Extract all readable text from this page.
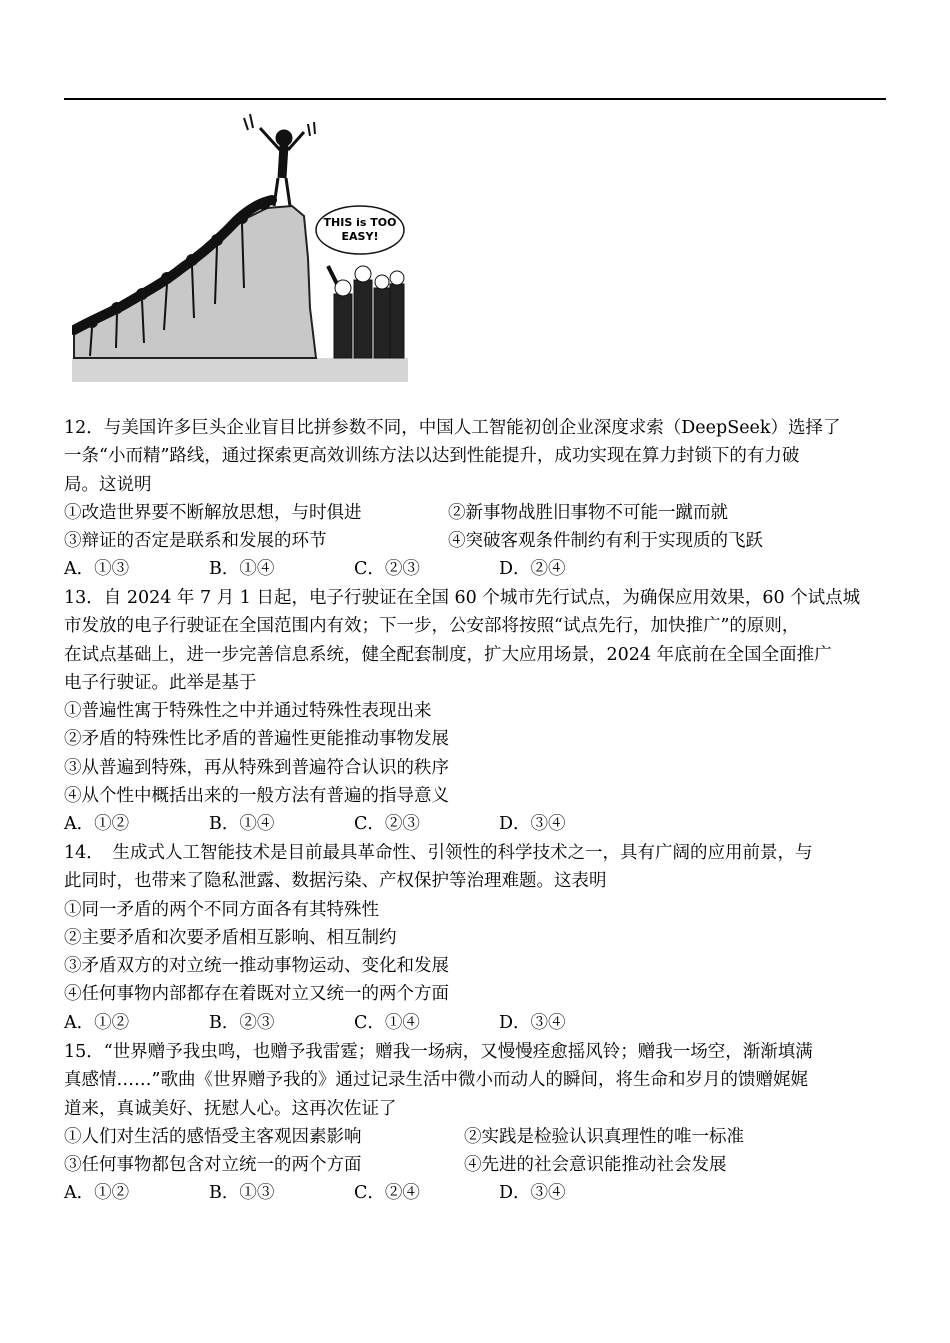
THIS is TOO
EASY!
12．与美国许多巨头企业盲目比拼参数不同，中国人工智能初创企业深度求索（DeepSeek）选择了
一条“小而精”路线，通过探索更高效训练方法以达到性能提升，成功实现在算力封锁下的有力破
局。这说明
①改造世界要不断解放思想，与时俱进	②新事物战胜旧事物不可能一蹴而就
③辩证的否定是联系和发展的环节	④突破客观条件制约有利于实现质的飞跃
A．①③	B．①④	C．②③	D．②④
13．自 2024 年 7 月 1 日起，电子行驶证在全国 60 个城市先行试点，为确保应用效果，60 个试点城
市发放的电子行驶证在全国范围内有效；下一步，公安部将按照“试点先行，加快推广”的原则，
在试点基础上，进一步完善信息系统，健全配套制度，扩大应用场景，2024 年底前在全国全面推广
电子行驶证。此举是基于
①普遍性寓于特殊性之中并通过特殊性表现出来
②矛盾的特殊性比矛盾的普遍性更能推动事物发展
③从普遍到特殊，再从特殊到普遍符合认识的秩序
④从个性中概括出来的一般方法有普遍的指导意义
A．①②	B．①④	C．②③	D．③④
14．　生成式人工智能技术是目前最具革命性、引领性的科学技术之一，具有广阔的应用前景，与
此同时，也带来了隐私泄露、数据污染、产权保护等治理难题。这表明
①同一矛盾的两个不同方面各有其特殊性
②主要矛盾和次要矛盾相互影响、相互制约
③矛盾双方的对立统一推动事物运动、变化和发展
④任何事物内部都存在着既对立又统一的两个方面
A．①②	B．②③	C．①④	D．③④
15．“世界赠予我虫鸣，也赠予我雷霆；赠我一场病，又慢慢痊愈摇风铃；赠我一场空，渐渐填满
真感情……”歌曲《世界赠予我的》通过记录生活中微小而动人的瞬间，将生命和岁月的馈赠娓娓
道来，真诚美好、抚慰人心。这再次佐证了
①人们对生活的感悟受主客观因素影响	②实践是检验认识真理性的唯一标准
③任何事物都包含对立统一的两个方面	④先进的社会意识能推动社会发展
A．①②	B．①③	C．②④	D．③④
